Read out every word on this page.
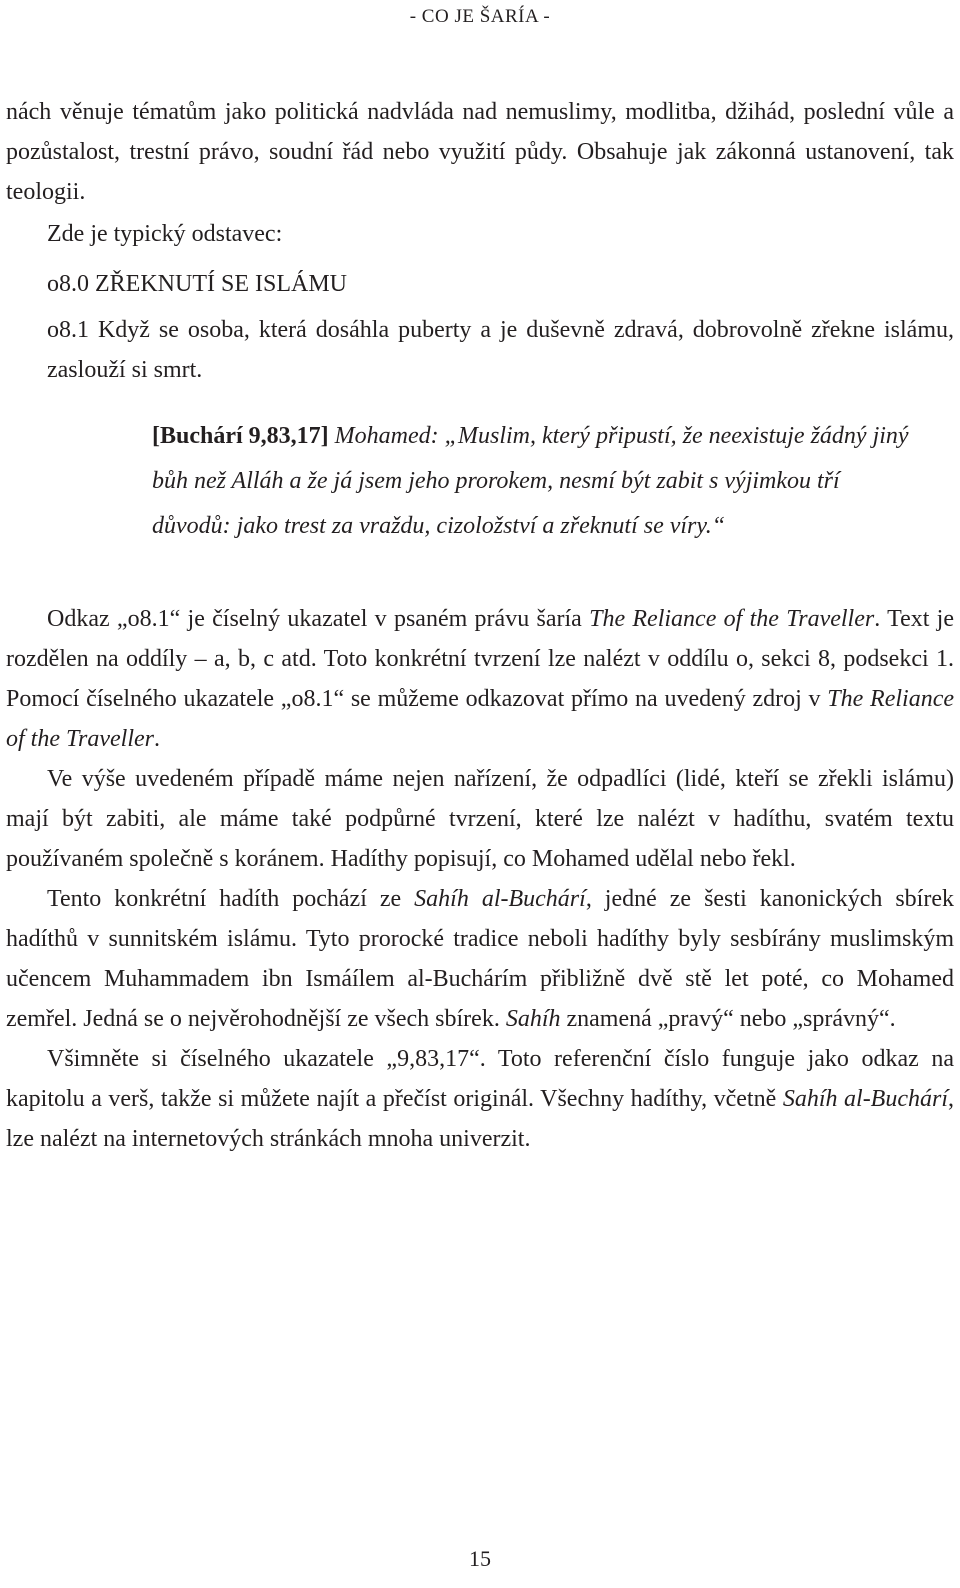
- CO JE ŠARÍA -

nách věnuje tématům jako politická nadvláda nad nemuslimy, modlitba, džihád, poslední vůle a pozůstalost, trestní právo, soudní řád nebo využití půdy. Obsahuje jak zákonná ustanovení, tak teologii.

Zde je typický odstavec:

o8.0 ZŘEKNUTÍ SE ISLÁMU

o8.1 Když se osoba, která dosáhla puberty a je duševně zdravá, dobrovolně zřekne islámu, zaslouží si smrt.

[Buchárí 9,83,17] Mohamed: „Muslim, který připustí, že neexistuje žádný jiný bůh než Alláh a že já jsem jeho prorokem, nesmí být zabit s výjimkou tří důvodů: jako trest za vraždu, cizoložství a zřeknutí se víry.“

Odkaz „o8.1“ je číselný ukazatel v psaném právu šaría The Reliance of the Traveller. Text je rozdělen na oddíly – a, b, c atd. Toto konkrétní tvrzení lze nalézt v oddílu o, sekci 8, podsekci 1. Pomocí číselného ukazatele „o8.1“ se můžeme odkazovat přímo na uvedený zdroj v The Reliance of the Traveller.

Ve výše uvedeném případě máme nejen nařízení, že odpadlíci (lidé, kteří se zřekli islámu) mají být zabiti, ale máme také podpůrné tvrzení, které lze nalézt v hadíthu, svatém textu používaném společně s koránem. Hadíthy popisují, co Mohamed udělal nebo řekl.

Tento konkrétní hadíth pochází ze Sahíh al-Buchárí, jedné ze šesti kanonických sbírek hadíthů v sunnitském islámu. Tyto prorocké tradice neboli hadíthy byly sesbírány muslimským učencem Muhammadem ibn Ismáílem al-Buchárím přibližně dvě stě let poté, co Mohamed zemřel. Jedná se o nejvěrohodnější ze všech sbírek. Sahíh znamená „pravý“ nebo „správný“.

Všimněte si číselného ukazatele „9,83,17“. Toto referenční číslo funguje jako odkaz na kapitolu a verš, takže si můžete najít a přečíst originál. Všechny hadíthy, včetně Sahíh al-Buchárí, lze nalézt na internetových stránkách mnoha univerzit.

15
